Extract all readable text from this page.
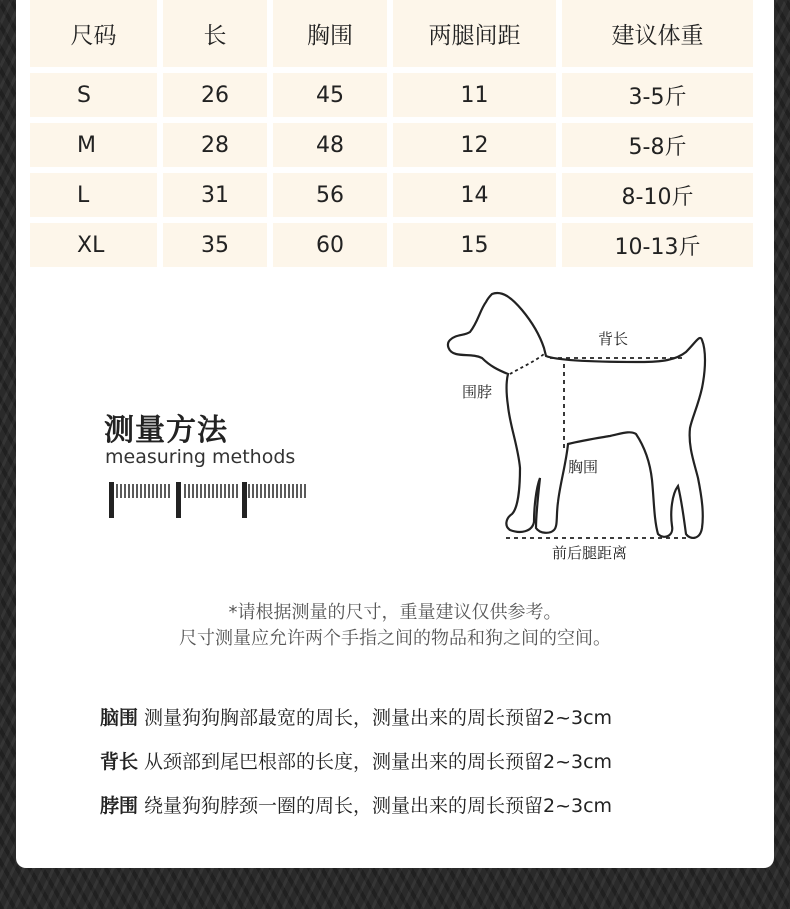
尺码	长	胸围	两腿间距	建议体重
S	26	45	11	3-5斤
M	28	48	12	5-8斤
L	31	56	14	8-10斤
XL	35	60	15	10-13斤
测量方法
measuring methods
背长
围脖
胸围
前后腿距离
*请根据测量的尺寸，重量建议仅供参考。
尺寸测量应允许两个手指之间的物品和狗之间的空间。
脑围 测量狗狗胸部最宽的周长，测量出来的周长预留2~3cm
背长 从颈部到尾巴根部的长度，测量出来的周长预留2~3cm
脖围 绕量狗狗脖颈一圈的周长，测量出来的周长预留2~3cm
